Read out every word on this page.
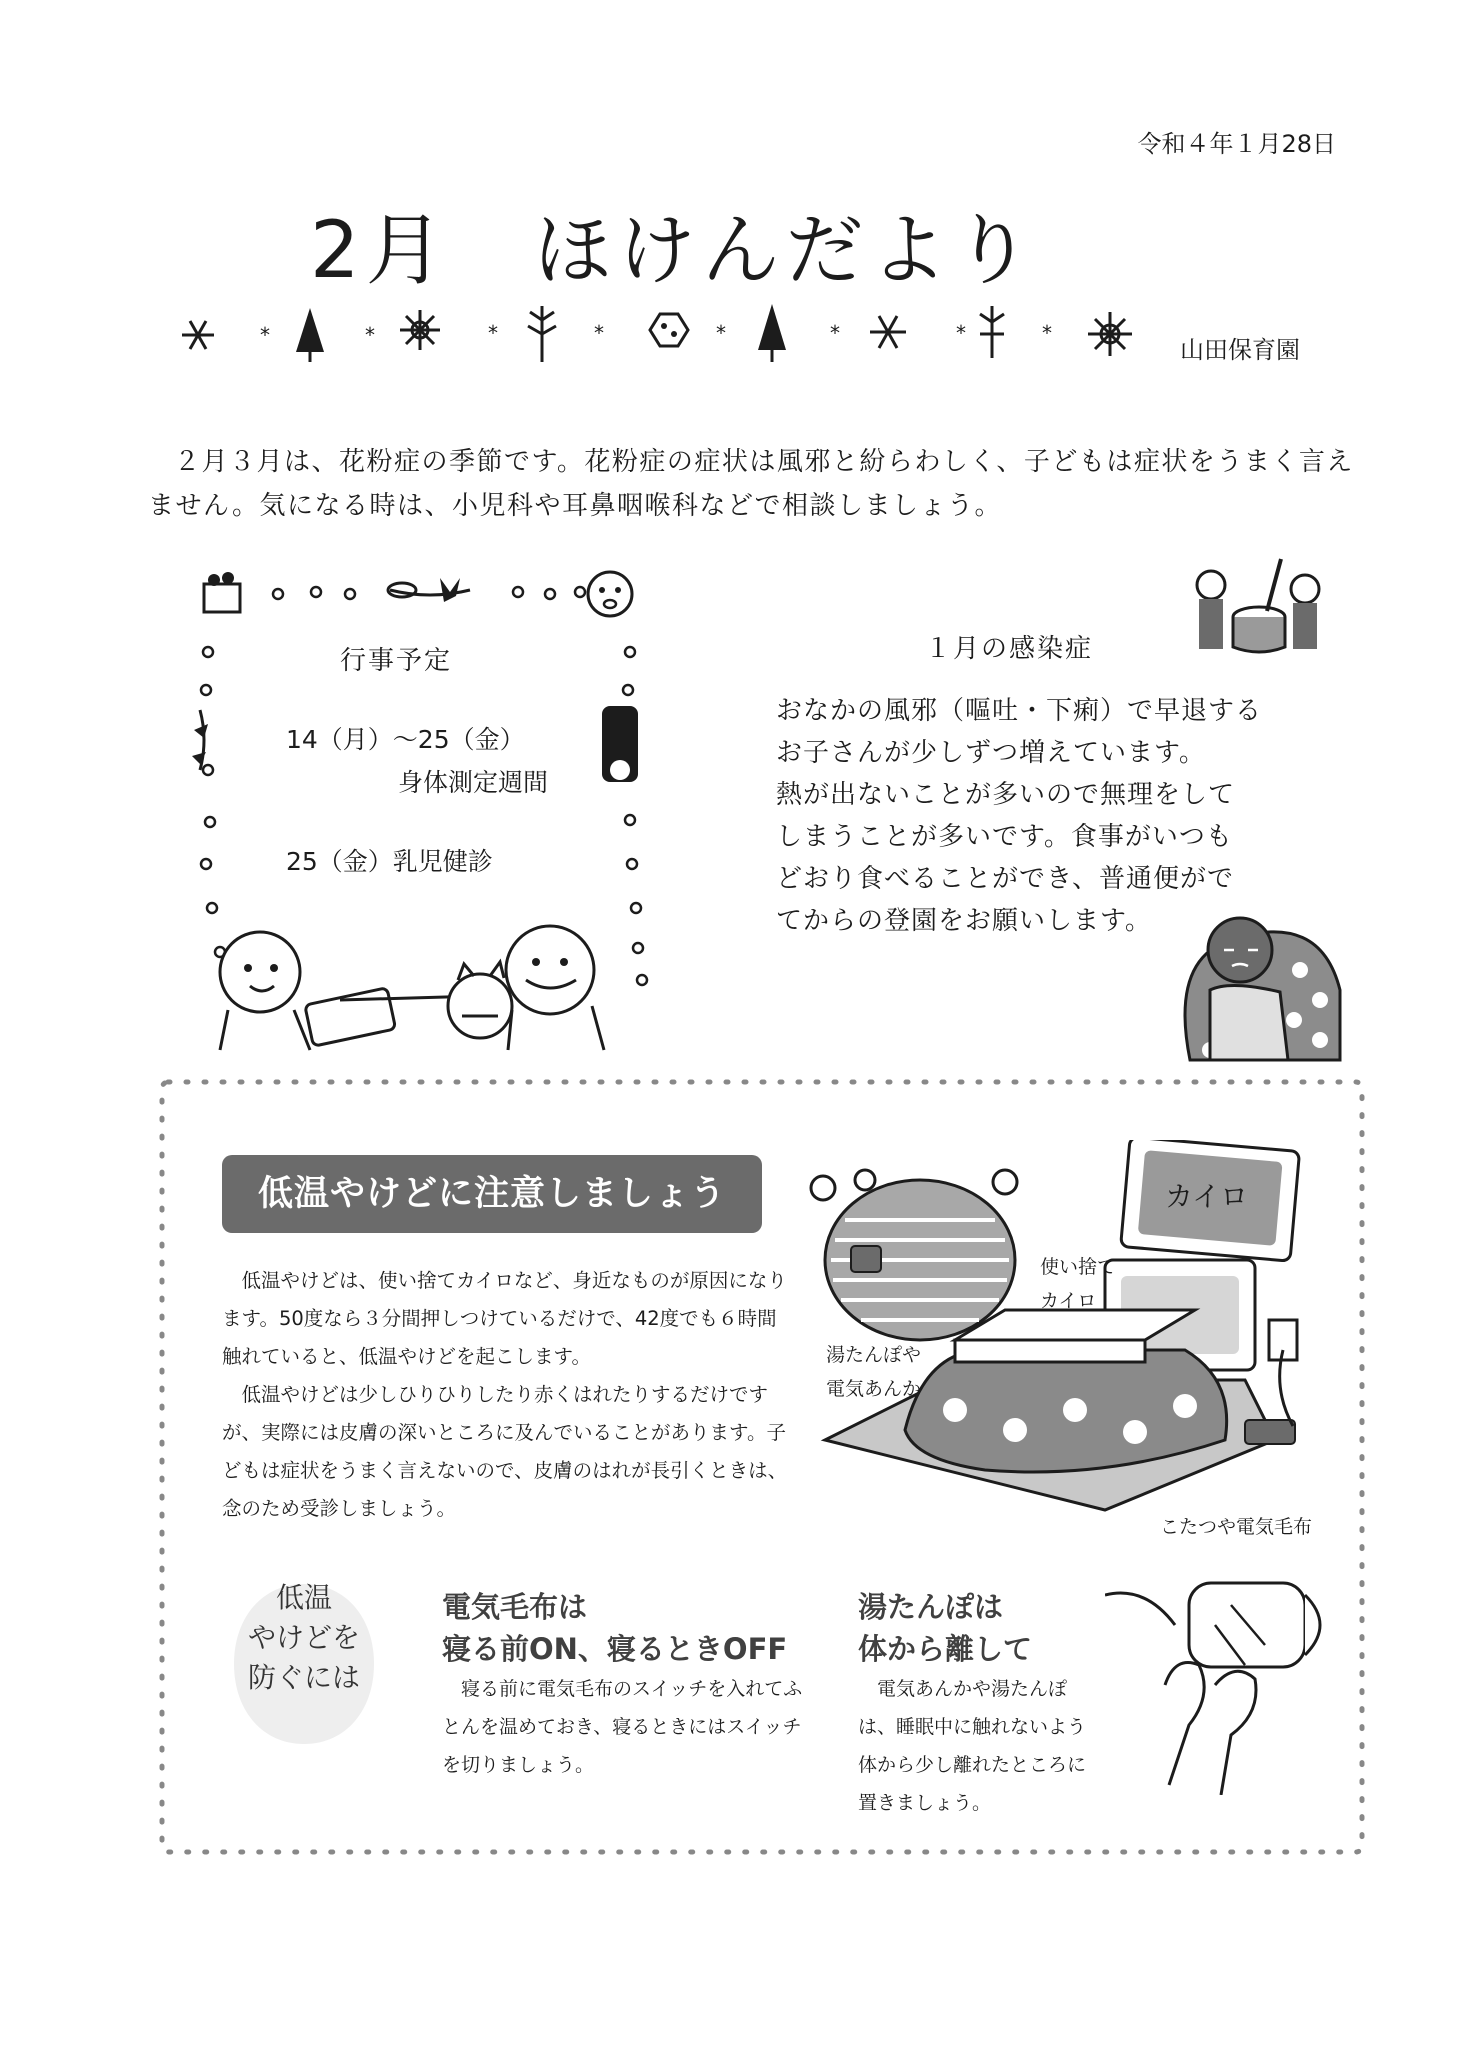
令和４年１月28日
2月　ほけんだより
山田保育園
*	*	*	*	*	*	*	*
２月３月は、花粉症の季節です。花粉症の症状は風邪と紛らわしく、子どもは症状をうまく言えません。気になる時は、小児科や耳鼻咽喉科などで相談しましょう。
行事予定
14（月）～25（金）
身体測定週間
25（金）乳児健診
１月の感染症
おなかの風邪（嘔吐・下痢）で早退する
お子さんが少しずつ増えています。
熱が出ないことが多いので無理をして
しまうことが多いです。食事がいつも
どおり食べることができ、普通便がで
てからの登園をお願いします。
低温やけどに注意しましょう

低温やけどは、使い捨てカイロなど、身近なものが原因になります。50度なら３分間押しつけているだけで、42度でも６時間触れていると、低温やけどを起こします。

低温やけどは少しひりひりしたり赤くはれたりするだけですが、実際には皮膚の深いところに及んでいることがあります。子どもは症状をうまく言えないので、皮膚のはれが長引くときは、念のため受診しましょう。

カイロ
使い捨て
カイロ
湯たんぽや
電気あんか
こたつや電気毛布
低温
やけどを
防ぐには
電気毛布は
寝る前ON、寝るときOFF
寝る前に電気毛布のスイッチを入れてふとんを温めておき、寝るときにはスイッチを切りましょう。
湯たんぽは
体から離して
電気あんかや湯たんぽは、睡眠中に触れないよう体から少し離れたところに置きましょう。
